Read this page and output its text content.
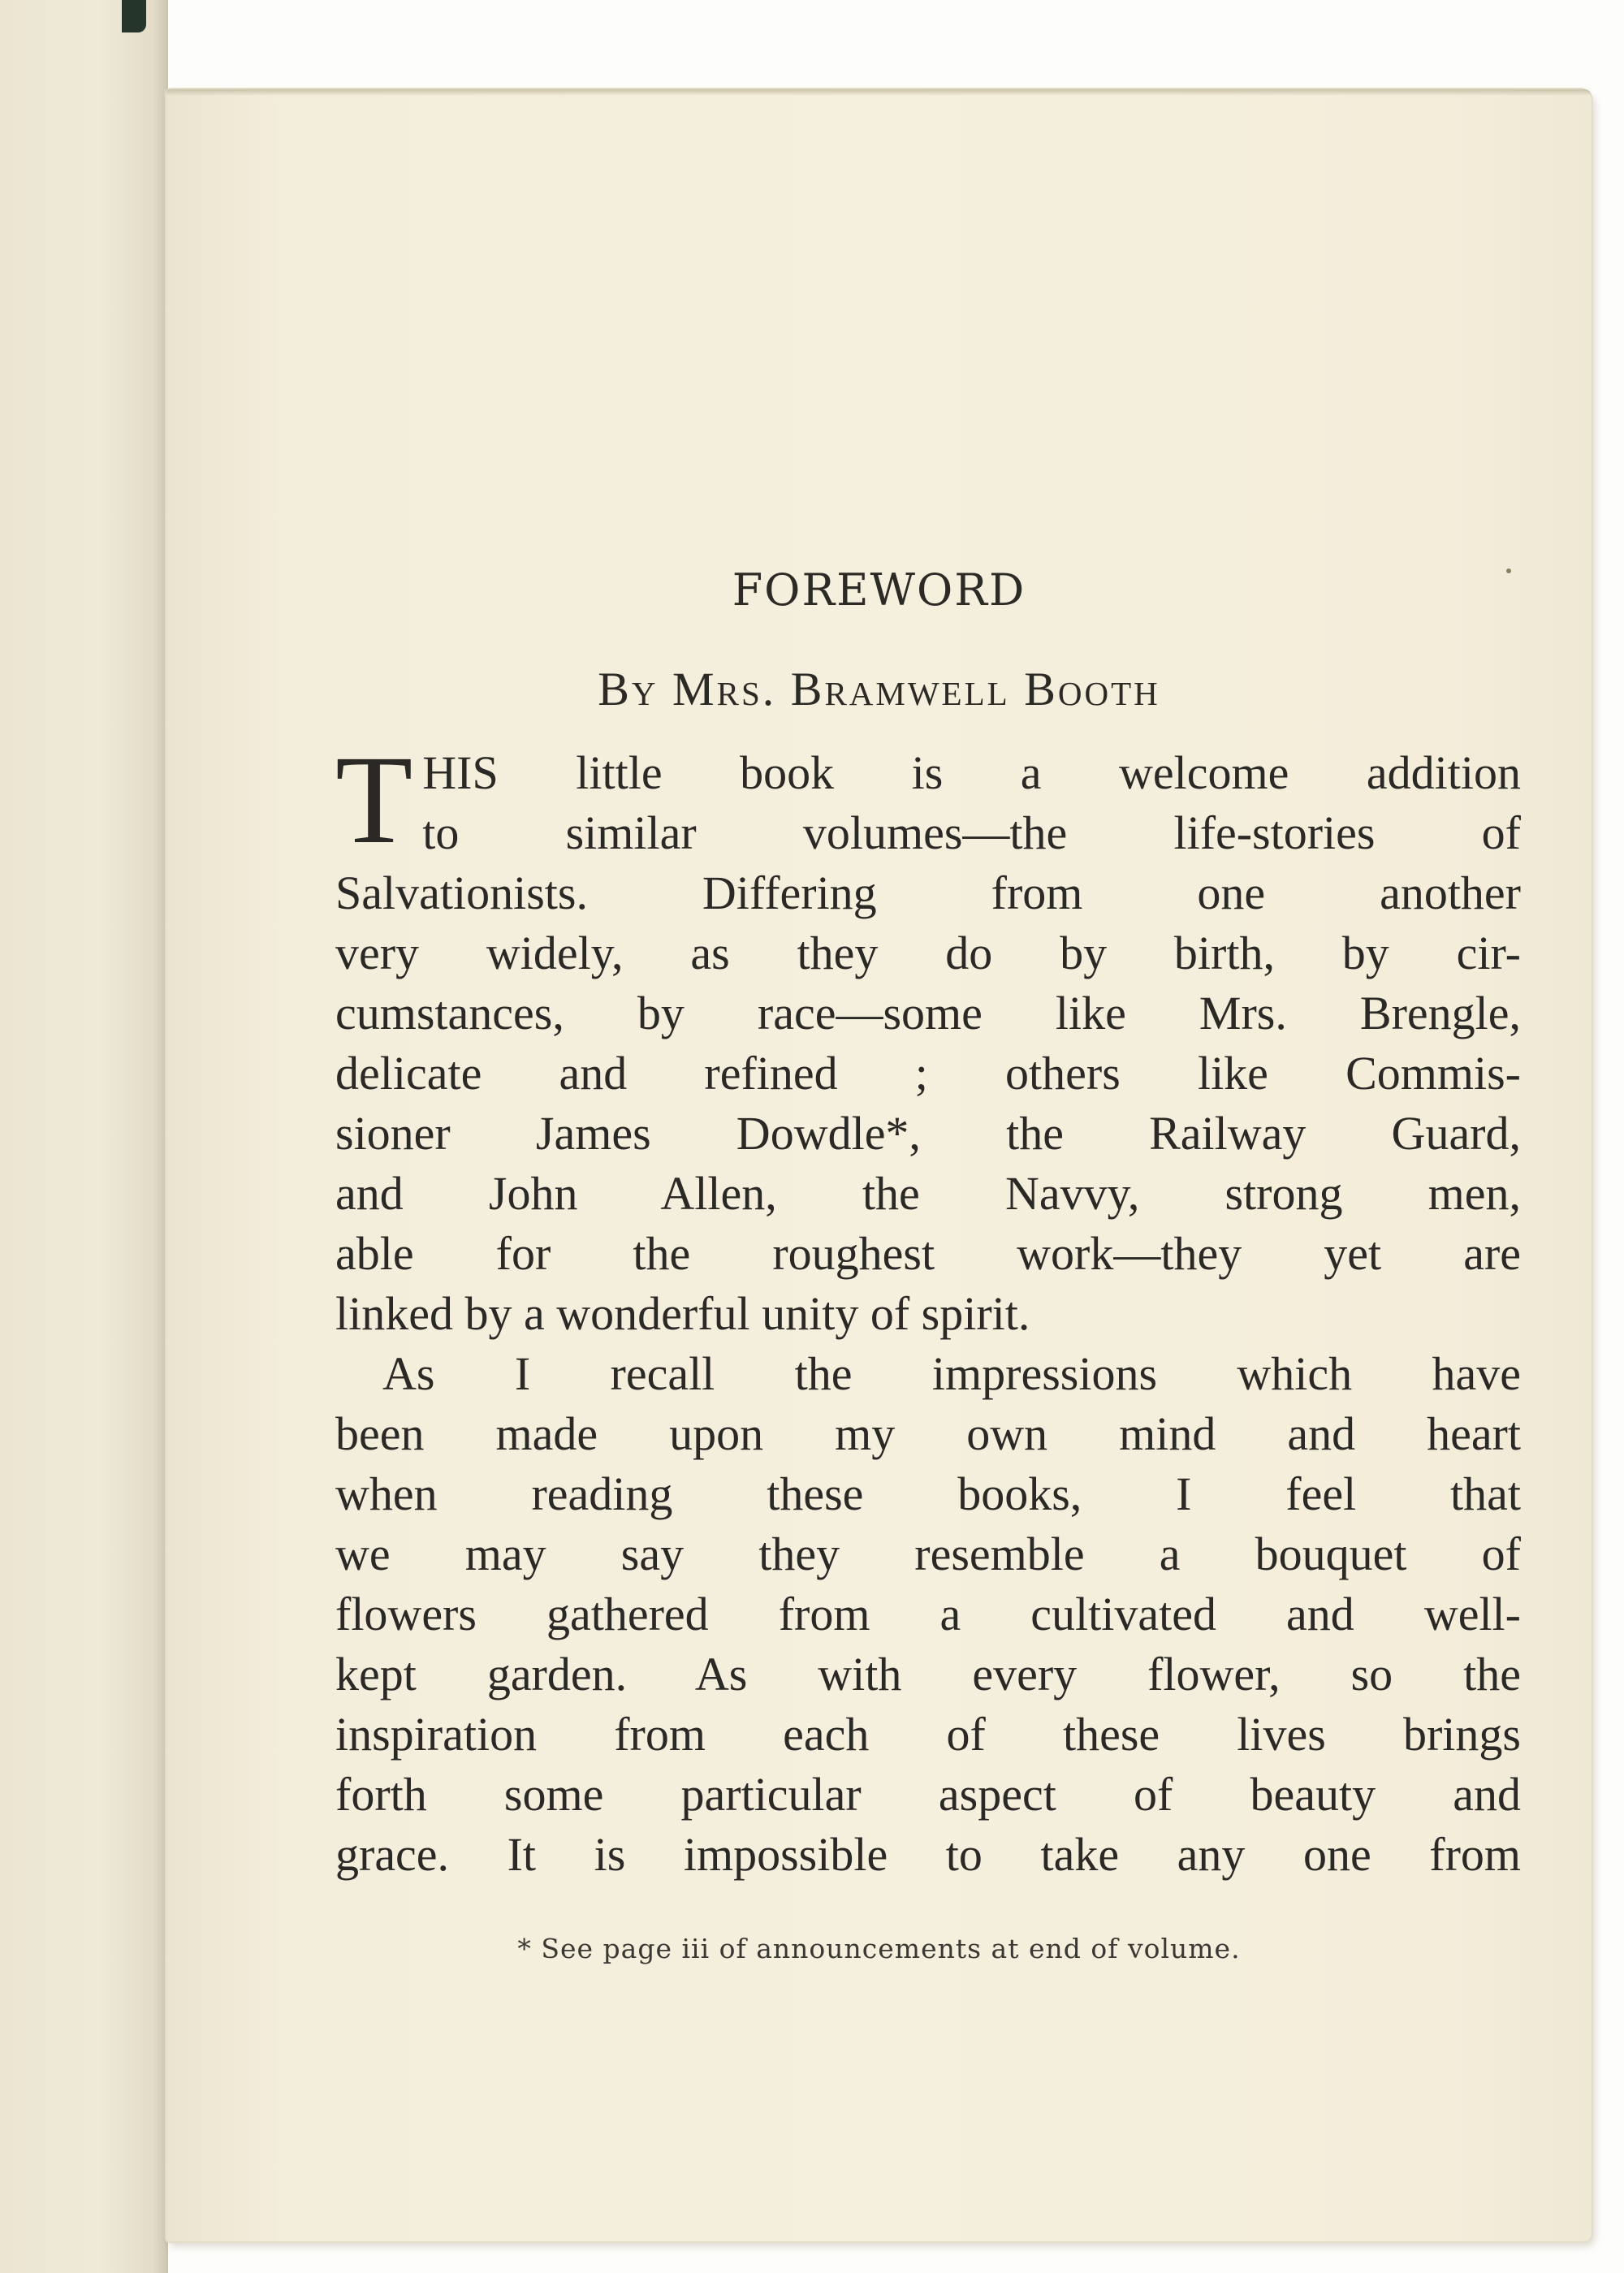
FOREWORD
By Mrs. Bramwell Booth
T HIS little book is a welcome addition
to similar volumes—the life-stories of
Salvationists. Differing from one another
very widely, as they do by birth, by cir-
cumstances, by race—some like Mrs. Brengle,
delicate and refined ; others like Commis-
sioner James Dowdle*, the Railway Guard,
and John Allen, the Navvy, strong men,
able for the roughest work—they yet are
linked by a wonderful unity of spirit.
As I recall the impressions which have
been made upon my own mind and heart
when reading these books, I feel that
we may say they resemble a bouquet of
flowers gathered from a cultivated and well-
kept garden. As with every flower, so the
inspiration from each of these lives brings
forth some particular aspect of beauty and
grace. It is impossible to take any one from
* See page iii of announcements at end of volume.
